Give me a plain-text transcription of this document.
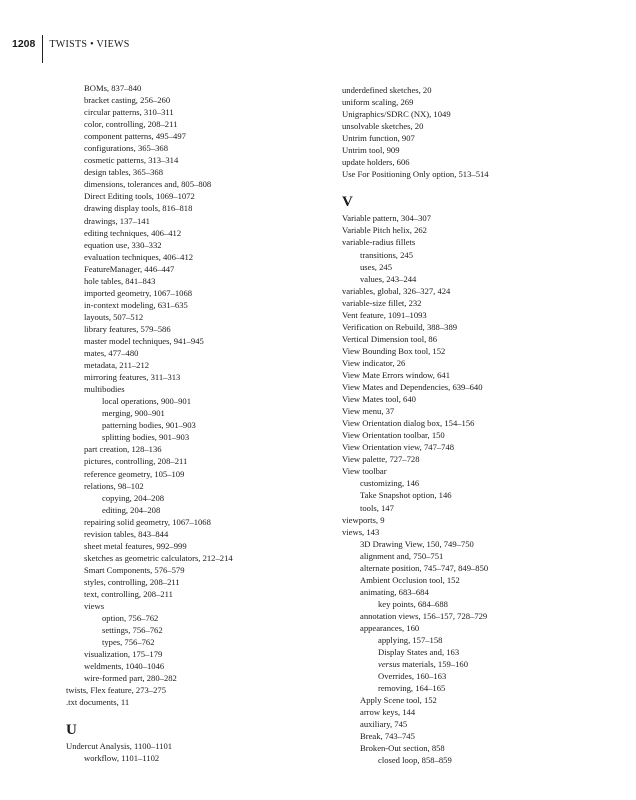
1208 TWISTS • VIEWS
BOMs, 837–840
bracket casting, 256–260
circular patterns, 310–311
color, controlling, 208–211
component patterns, 495–497
configurations, 365–368
cosmetic patterns, 313–314
design tables, 365–368
dimensions, tolerances and, 805–808
Direct Editing tools, 1069–1072
drawing display tools, 816–818
drawings, 137–141
editing techniques, 406–412
equation use, 330–332
evaluation techniques, 406–412
FeatureManager, 446–447
hole tables, 841–843
imported geometry, 1067–1068
in-context modeling, 631–635
layouts, 507–512
library features, 579–586
master model techniques, 941–945
mates, 477–480
metadata, 211–212
mirroring features, 311–313
multibodies
local operations, 900–901
merging, 900–901
patterning bodies, 901–903
splitting bodies, 901–903
part creation, 128–136
pictures, controlling, 208–211
reference geometry, 105–109
relations, 98–102
copying, 204–208
editing, 204–208
repairing solid geometry, 1067–1068
revision tables, 843–844
sheet metal features, 992–999
sketches as geometric calculators, 212–214
Smart Components, 576–579
styles, controlling, 208–211
text, controlling, 208–211
views
option, 756–762
settings, 756–762
types, 756–762
visualization, 175–179
weldments, 1040–1046
wire-formed part, 280–282
twists, Flex feature, 273–275
.txt documents, 11
U
Undercut Analysis, 1100–1101
workflow, 1101–1102
underdefined sketches, 20
uniform scaling, 269
Unigraphics/SDRC (NX), 1049
unsolvable sketches, 20
Untrim function, 907
Untrim tool, 909
update holders, 606
Use For Positioning Only option, 513–514
V
Variable pattern, 304–307
Variable Pitch helix, 262
variable-radius fillets
transitions, 245
uses, 245
values, 243–244
variables, global, 326–327, 424
variable-size fillet, 232
Vent feature, 1091–1093
Verification on Rebuild, 388–389
Vertical Dimension tool, 86
View Bounding Box tool, 152
View indicator, 26
View Mate Errors window, 641
View Mates and Dependencies, 639–640
View Mates tool, 640
View menu, 37
View Orientation dialog box, 154–156
View Orientation toolbar, 150
View Orientation view, 747–748
View palette, 727–728
View toolbar
customizing, 146
Take Snapshot option, 146
tools, 147
viewports, 9
views, 143
3D Drawing View, 150, 749–750
alignment and, 750–751
alternate position, 745–747, 849–850
Ambient Occlusion tool, 152
animating, 683–684
key points, 684–688
annotation views, 156–157, 728–729
appearances, 160
applying, 157–158
Display States and, 163
versus materials, 159–160
Overrides, 160–163
removing, 164–165
Apply Scene tool, 152
arrow keys, 144
auxiliary, 745
Break, 743–745
Broken-Out section, 858
closed loop, 858–859
